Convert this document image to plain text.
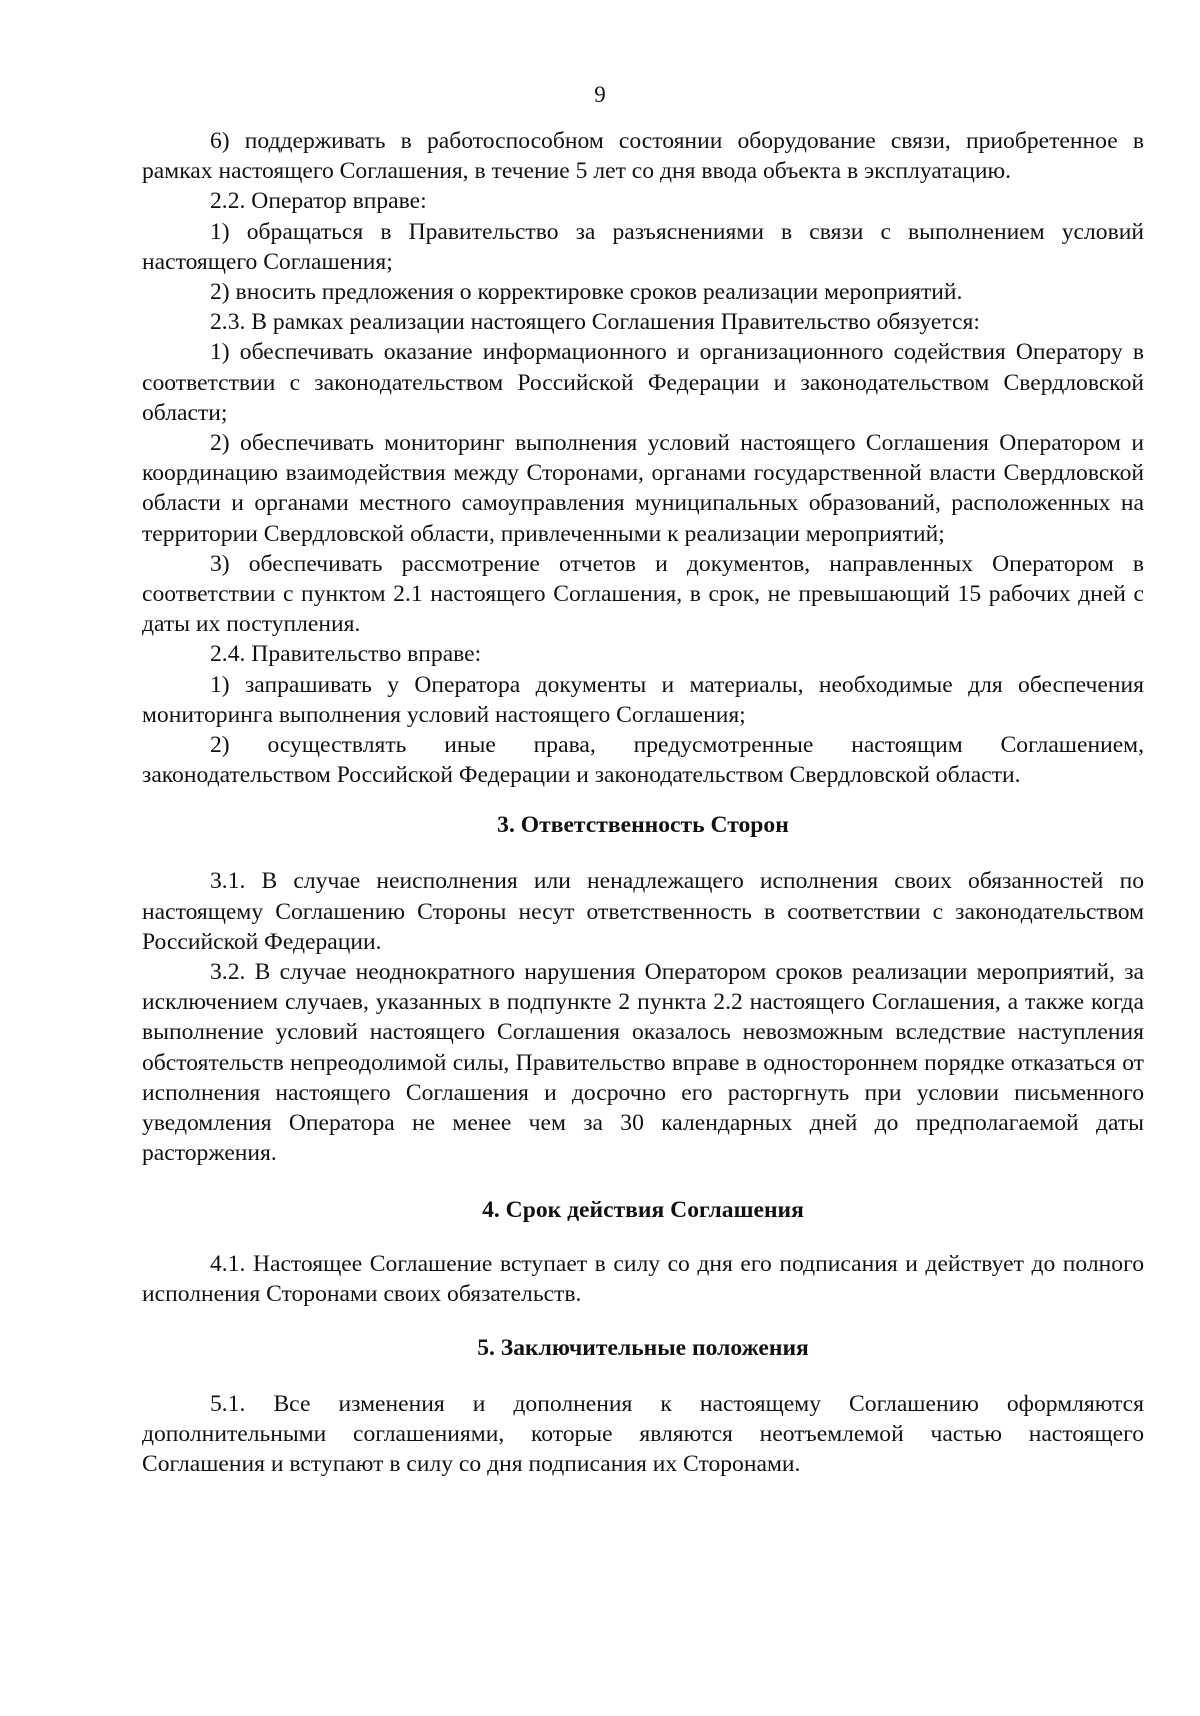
9

6) поддерживать в работоспособном состоянии оборудование связи, приобретенное в рамках настоящего Соглашения, в течение 5 лет со дня ввода объекта в эксплуатацию.

2.2. Оператор вправе:

1) обращаться в Правительство за разъяснениями в связи с выполнением условий настоящего Соглашения;

2) вносить предложения о корректировке сроков реализации мероприятий.

2.3. В рамках реализации настоящего Соглашения Правительство обязуется:

1) обеспечивать оказание информационного и организационного содействия Оператору в соответствии с законодательством Российской Федерации и законодательством Свердловской области;

2) обеспечивать мониторинг выполнения условий настоящего Соглашения Оператором и координацию взаимодействия между Сторонами, органами государственной власти Свердловской области и органами местного самоуправления муниципальных образований, расположенных на территории Свердловской области, привлеченными к реализации мероприятий;

3) обеспечивать рассмотрение отчетов и документов, направленных Оператором в соответствии с пунктом 2.1 настоящего Соглашения, в срок, не превышающий 15 рабочих дней с даты их поступления.

2.4. Правительство вправе:

1) запрашивать у Оператора документы и материалы, необходимые для обеспечения мониторинга выполнения условий настоящего Соглашения;

2) осуществлять иные права, предусмотренные настоящим Соглашением, законодательством Российской Федерации и законодательством Свердловской области.

3. Ответственность Сторон

3.1. В случае неисполнения или ненадлежащего исполнения своих обязанностей по настоящему Соглашению Стороны несут ответственность в соответствии с законодательством Российской Федерации.

3.2. В случае неоднократного нарушения Оператором сроков реализации мероприятий, за исключением случаев, указанных в подпункте 2 пункта 2.2 настоящего Соглашения, а также когда выполнение условий настоящего Соглашения оказалось невозможным вследствие наступления обстоятельств непреодолимой силы, Правительство вправе в одностороннем порядке отказаться от исполнения настоящего Соглашения и досрочно его расторгнуть при условии письменного уведомления Оператора не менее чем за 30 календарных дней до предполагаемой даты расторжения.

4. Срок действия Соглашения

4.1. Настоящее Соглашение вступает в силу со дня его подписания и действует до полного исполнения Сторонами своих обязательств.

5. Заключительные положения

5.1. Все изменения и дополнения к настоящему Соглашению оформляются дополнительными соглашениями, которые являются неотъемлемой частью настоящего Соглашения и вступают в силу со дня подписания их Сторонами.
